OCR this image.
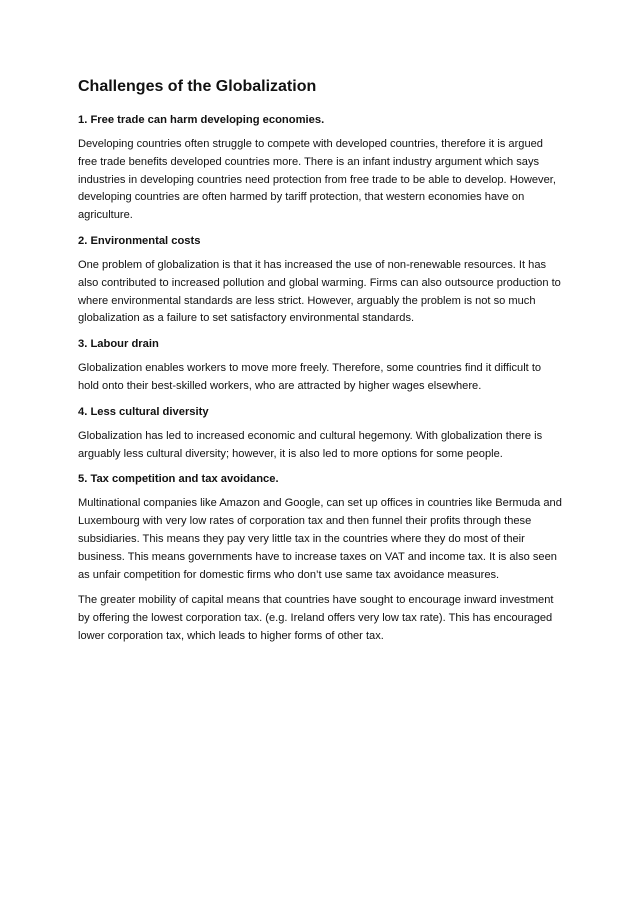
Challenges of the Globalization
1. Free trade can harm developing economies.

Developing countries often struggle to compete with developed countries, therefore it is argued free trade benefits developed countries more. There is an infant industry argument which says industries in developing countries need protection from free trade to be able to develop. However, developing countries are often harmed by tariff protection, that western economies have on agriculture.

2. Environmental costs

One problem of globalization is that it has increased the use of non-renewable resources. It has also contributed to increased pollution and global warming. Firms can also outsource production to where environmental standards are less strict. However, arguably the problem is not so much globalization as a failure to set satisfactory environmental standards.

3. Labour drain

Globalization enables workers to move more freely. Therefore, some countries find it difficult to hold onto their best-skilled workers, who are attracted by higher wages elsewhere.

4. Less cultural diversity

Globalization has led to increased economic and cultural hegemony. With globalization there is arguably less cultural diversity; however, it is also led to more options for some people.

5. Tax competition and tax avoidance.

Multinational companies like Amazon and Google, can set up offices in countries like Bermuda and Luxembourg with very low rates of corporation tax and then funnel their profits through these subsidiaries. This means they pay very little tax in the countries where they do most of their business. This means governments have to increase taxes on VAT and income tax. It is also seen as unfair competition for domestic firms who don’t use same tax avoidance measures.

The greater mobility of capital means that countries have sought to encourage inward investment by offering the lowest corporation tax. (e.g. Ireland offers very low tax rate). This has encouraged lower corporation tax, which leads to higher forms of other tax.
